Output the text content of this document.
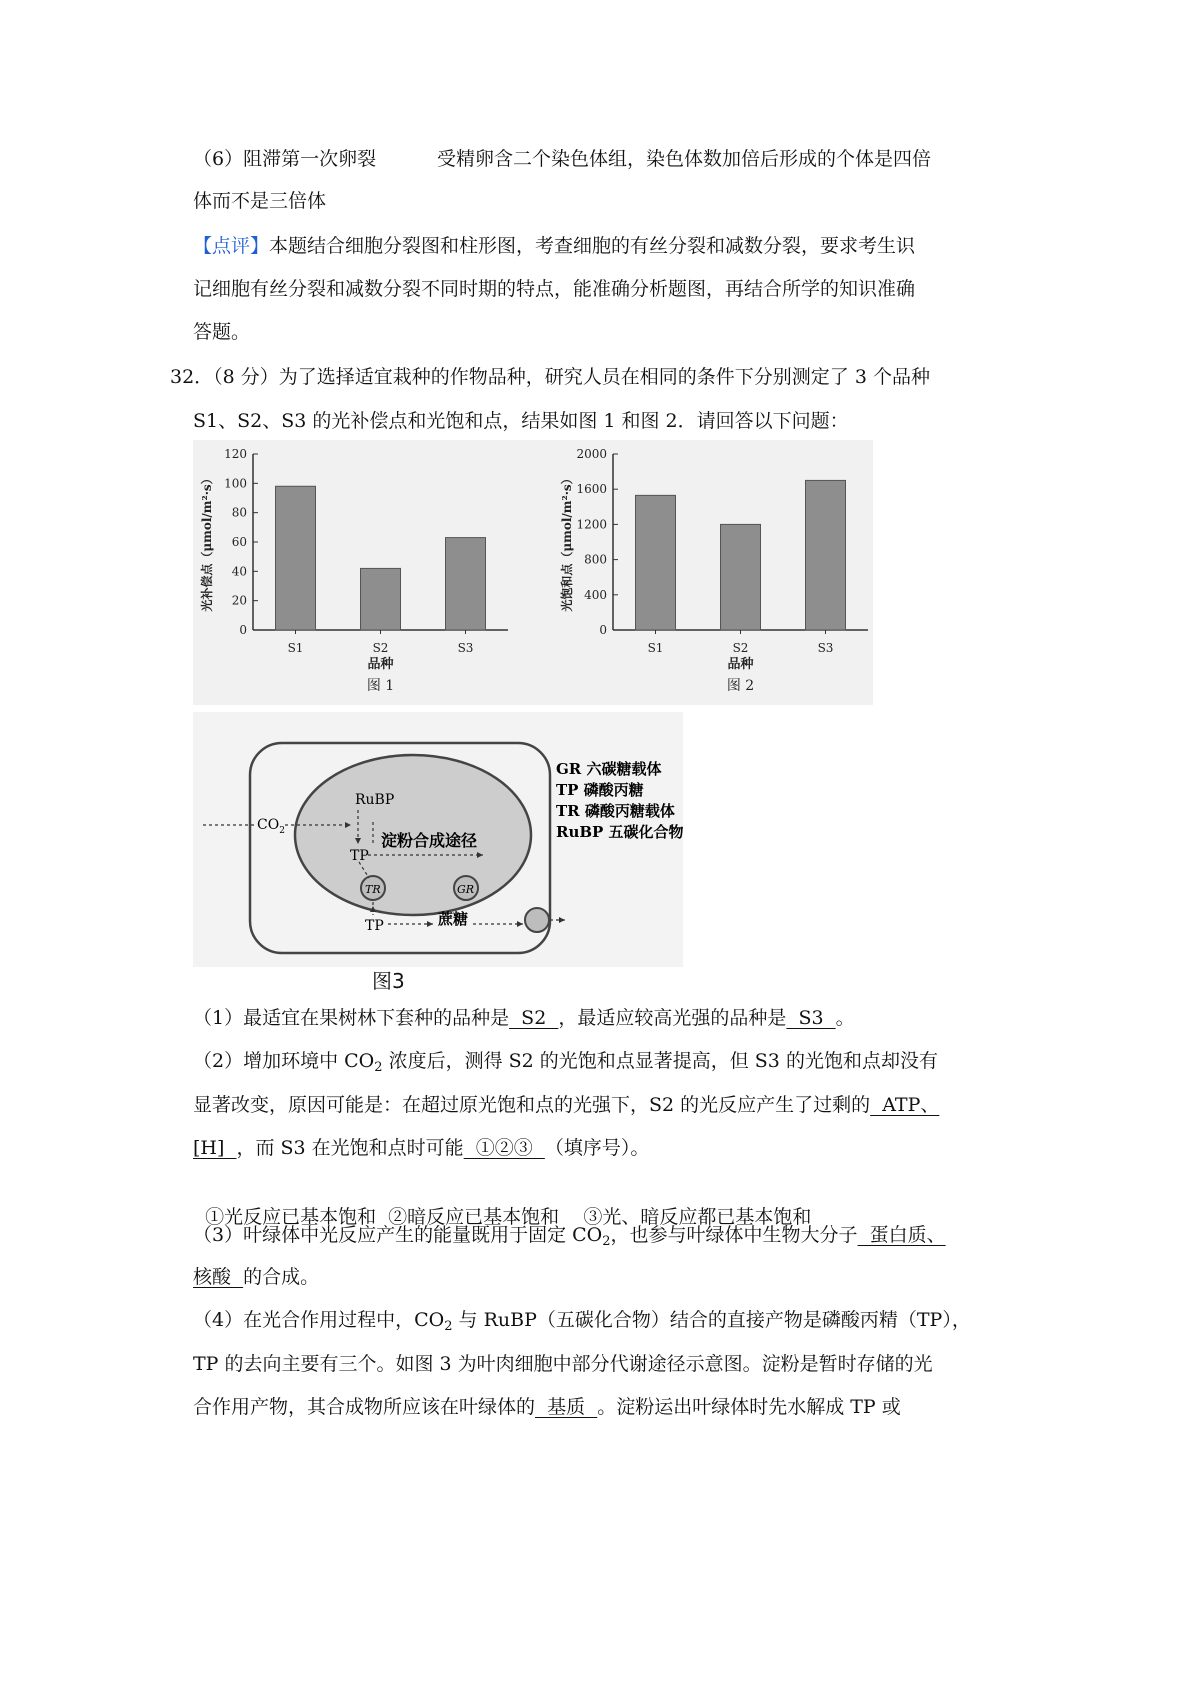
（6）阻滞第一次卵裂	受精卵含二个染色体组，染色体数加倍后形成的个体是四倍
体而不是三倍体
【点评】本题结合细胞分裂图和柱形图，考查细胞的有丝分裂和减数分裂，要求考生识
记细胞有丝分裂和减数分裂不同时期的特点，能准确分析题图，再结合所学的知识准确
答题。
32．（8 分）为了选择适宜栽种的作物品种，研究人员在相同的条件下分别测定了 3 个品种
S1、S2、S3 的光补偿点和光饱和点，结果如图 1 和图 2．请回答以下问题：
0
20
40
60
80
100
120
S1	S2	S3
品种
图 1
光补偿点（μmol/m²·s）
0
400
800
1200
1600
2000
S1	S2	S3
品种
图 2
光饱和点（μmol/m²·s）
RuBP
$CO_2$
TP
淀粉合成途径
TR	GR
TP	蔗糖
GR 六碳糖载体
TP 磷酸丙糖
TR 磷酸丙糖载体
RuBP 五碳化合物
图3
（1）最适宜在果树林下套种的品种是  S2  ，最适应较高光强的品种是  S3  。
（2）增加环境中 $CO_2$ 浓度后，测得 S2 的光饱和点显著提高，但 S3 的光饱和点却没有
显著改变，原因可能是：在超过原光饱和点的光强下，S2 的光反应产生了过剩的  ATP、
[H]  ，而 S3 在光饱和点时可能  ①②③  （填序号）。

①光反应已基本饱和  ②暗反应已基本饱和    ③光、暗反应都已基本饱和

（3）叶绿体中光反应产生的能量既用于固定 $CO_2$，也参与叶绿体中生物大分子  蛋白质、
核酸  的合成。
（4）在光合作用过程中，$CO_2$ 与 RuBP（五碳化合物）结合的直接产物是磷酸丙精（TP），
TP 的去向主要有三个。如图 3 为叶肉细胞中部分代谢途径示意图。淀粉是暂时存储的光
合作用产物，其合成物所应该在叶绿体的  基质  。淀粉运出叶绿体时先水解成 TP 或
